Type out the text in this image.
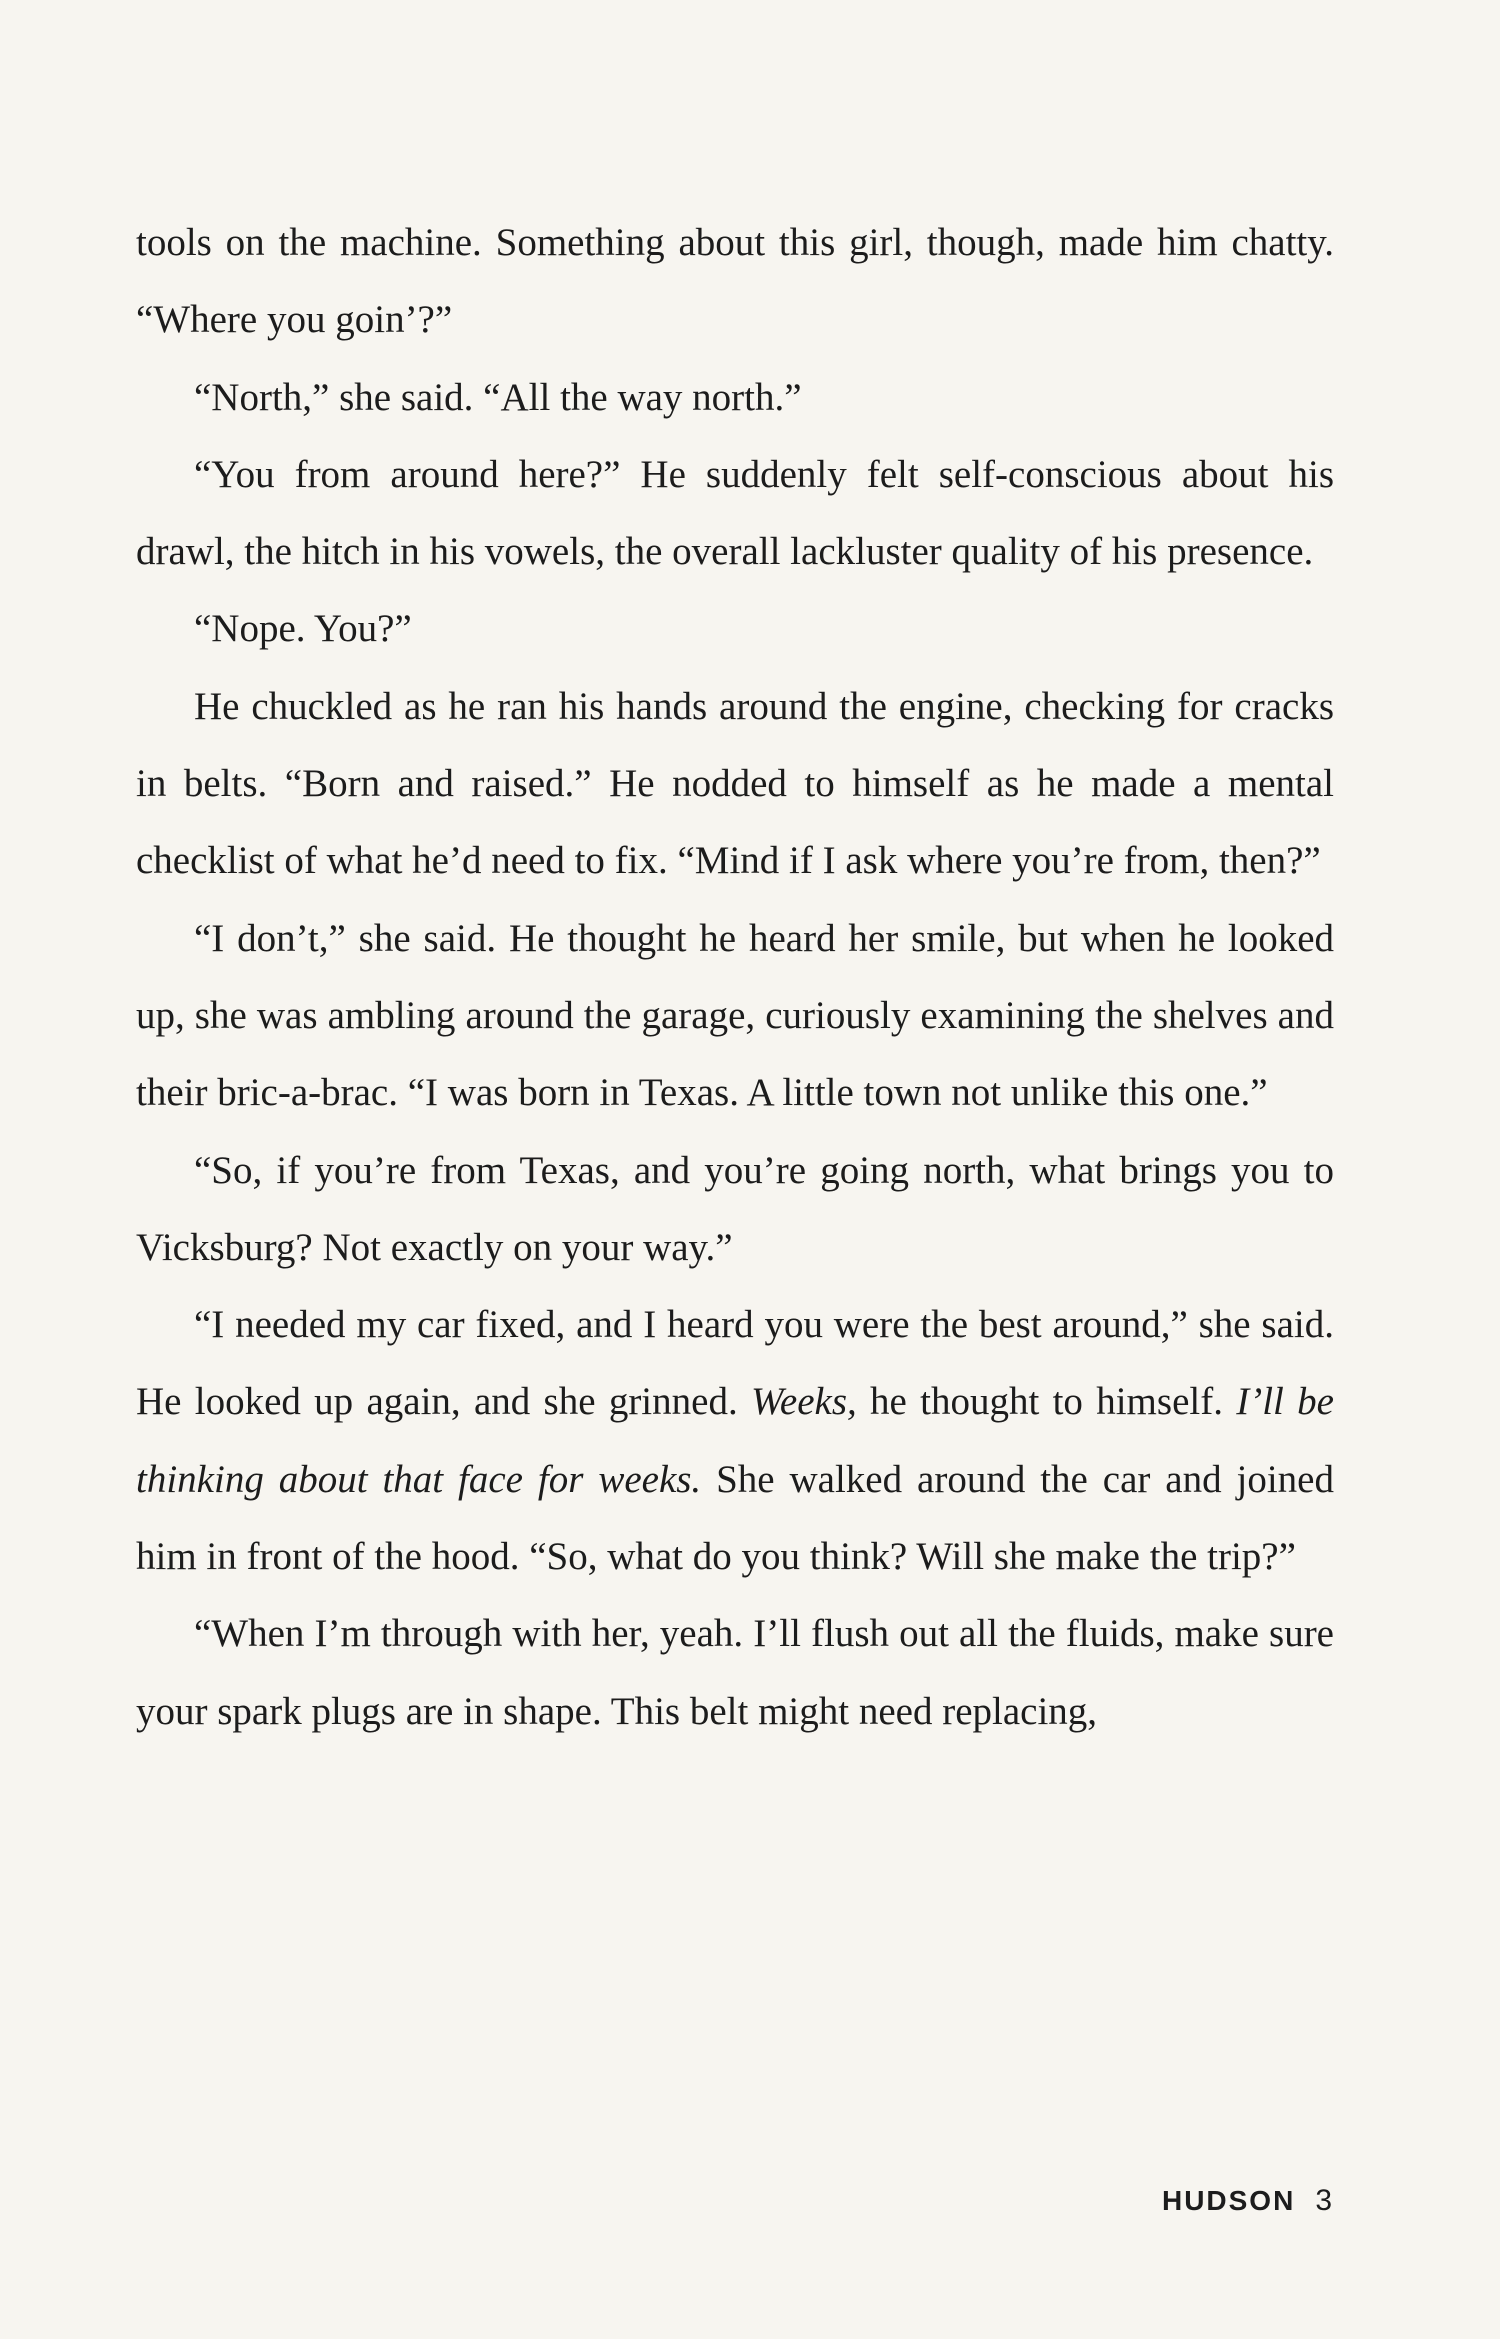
tools on the machine. Something about this girl, though, made him chatty. “Where you goin’?”

“North,” she said. “All the way north.”

“You from around here?” He suddenly felt self-conscious about his drawl, the hitch in his vowels, the overall lackluster quality of his presence.

“Nope. You?”

He chuckled as he ran his hands around the engine, checking for cracks in belts. “Born and raised.” He nodded to himself as he made a mental checklist of what he’d need to fix. “Mind if I ask where you’re from, then?”

“I don’t,” she said. He thought he heard her smile, but when he looked up, she was ambling around the garage, curiously examining the shelves and their bric-a-brac. “I was born in Texas. A little town not unlike this one.”

“So, if you’re from Texas, and you’re going north, what brings you to Vicksburg? Not exactly on your way.”

“I needed my car fixed, and I heard you were the best around,” she said. He looked up again, and she grinned. Weeks, he thought to himself. I’ll be thinking about that face for weeks. She walked around the car and joined him in front of the hood. “So, what do you think? Will she make the trip?”

“When I’m through with her, yeah. I’ll flush out all the fluids, make sure your spark plugs are in shape. This belt might need replacing,

HUDSON 3
